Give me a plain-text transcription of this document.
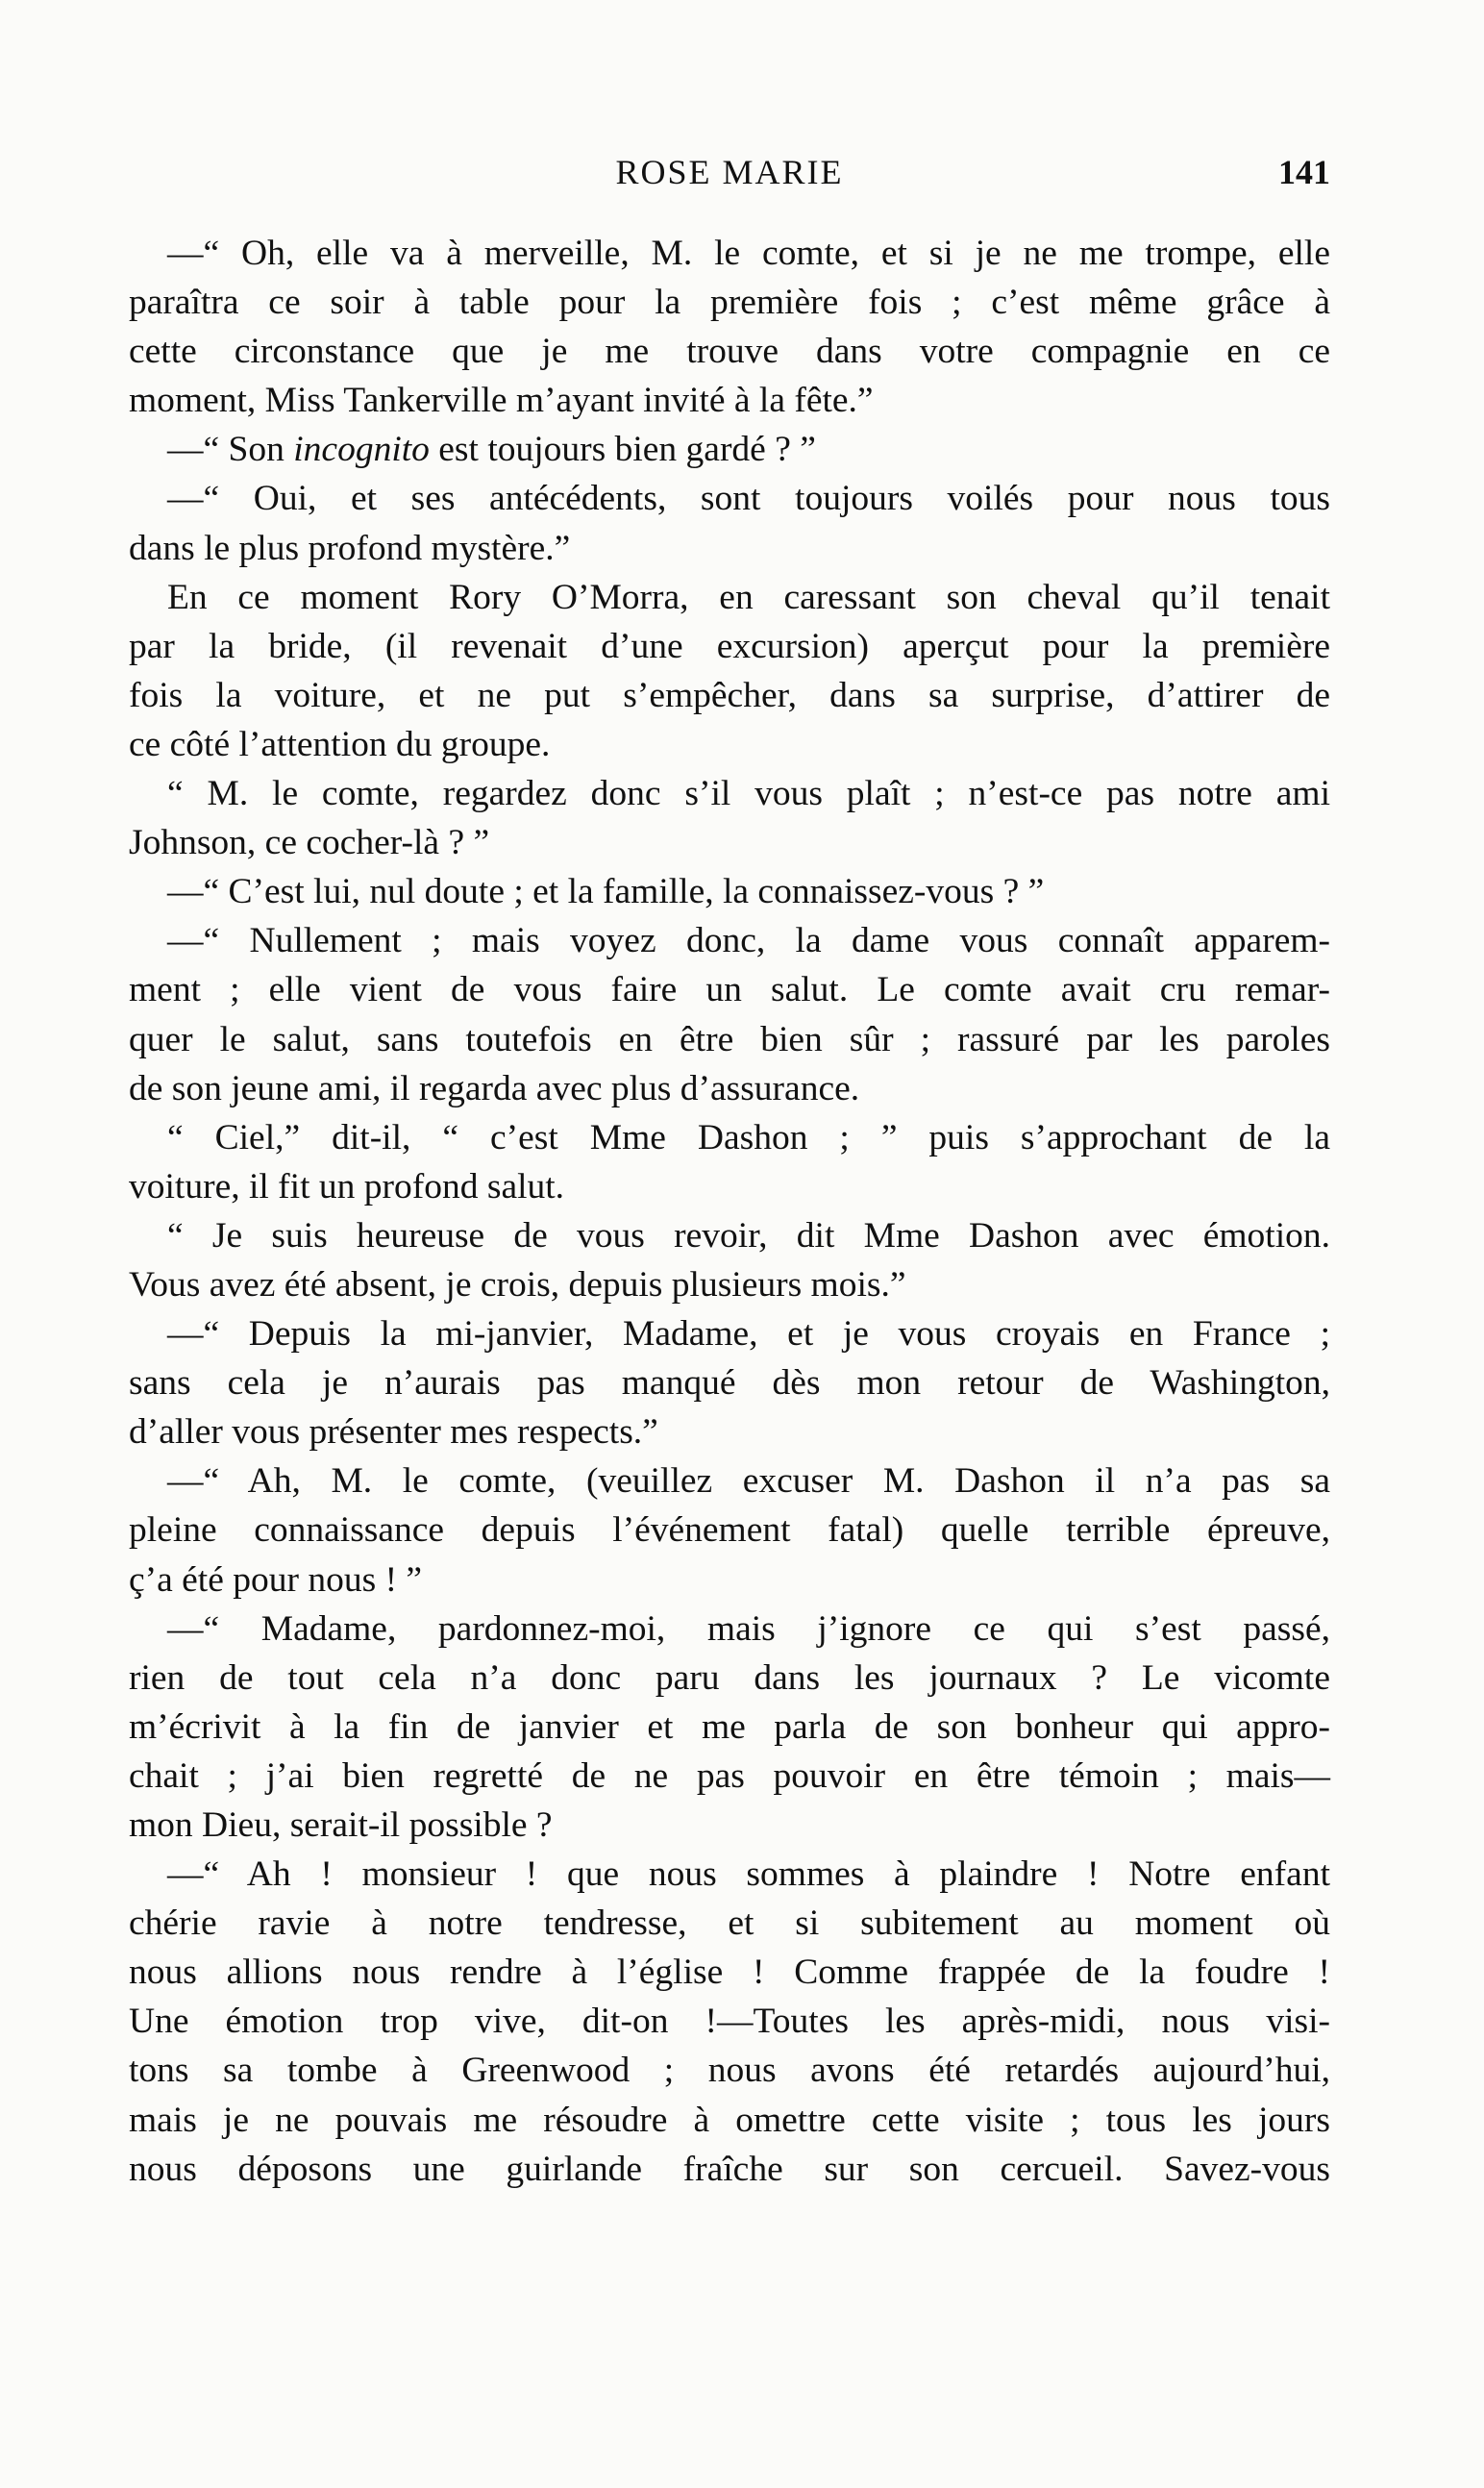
ROSE MARIE	141
—“ Oh, elle va à merveille, M. le comte, et si je ne me trompe, elle
paraîtra ce soir à table pour la première fois ; c’est même grâce à
cette circonstance que je me trouve dans votre compagnie en ce
moment, Miss Tankerville m’ayant invité à la fête.”
—“ Son incognito est toujours bien gardé ? ”
—“ Oui, et ses antécédents, sont toujours voilés pour nous tous
dans le plus profond mystère.”
En ce moment Rory O’Morra, en caressant son cheval qu’il tenait
par la bride, (il revenait d’une excursion) aperçut pour la première
fois la voiture, et ne put s’empêcher, dans sa surprise, d’attirer de
ce côté l’attention du groupe.
“ M. le comte, regardez donc s’il vous plaît ; n’est-ce pas notre ami
Johnson, ce cocher-là ? ”
—“ C’est lui, nul doute ; et la famille, la connaissez-vous ? ”
—“ Nullement ; mais voyez donc, la dame vous connaît apparem-
ment ; elle vient de vous faire un salut. Le comte avait cru remar-
quer le salut, sans toutefois en être bien sûr ; rassuré par les paroles
de son jeune ami, il regarda avec plus d’assurance.
“ Ciel,” dit-il, “ c’est Mme Dashon ; ” puis s’approchant de la
voiture, il fit un profond salut.
“ Je suis heureuse de vous revoir, dit Mme Dashon avec émotion.
Vous avez été absent, je crois, depuis plusieurs mois.”
—“ Depuis la mi-janvier, Madame, et je vous croyais en France ;
sans cela je n’aurais pas manqué dès mon retour de Washington,
d’aller vous présenter mes respects.”
—“ Ah, M. le comte, (veuillez excuser M. Dashon il n’a pas sa
pleine connaissance depuis l’événement fatal) quelle terrible épreuve,
ç’a été pour nous ! ”
—“ Madame, pardonnez-moi, mais j’ignore ce qui s’est passé,
rien de tout cela n’a donc paru dans les journaux ? Le vicomte
m’écrivit à la fin de janvier et me parla de son bonheur qui appro-
chait ; j’ai bien regretté de ne pas pouvoir en être témoin ; mais—
mon Dieu, serait-il possible ?
—“ Ah ! monsieur ! que nous sommes à plaindre ! Notre enfant
chérie ravie à notre tendresse, et si subitement au moment où
nous allions nous rendre à l’église ! Comme frappée de la foudre !
Une émotion trop vive, dit-on !—Toutes les après-midi, nous visi-
tons sa tombe à Greenwood ; nous avons été retardés aujourd’hui,
mais je ne pouvais me résoudre à omettre cette visite ; tous les jours
nous déposons une guirlande fraîche sur son cercueil. Savez-vous
